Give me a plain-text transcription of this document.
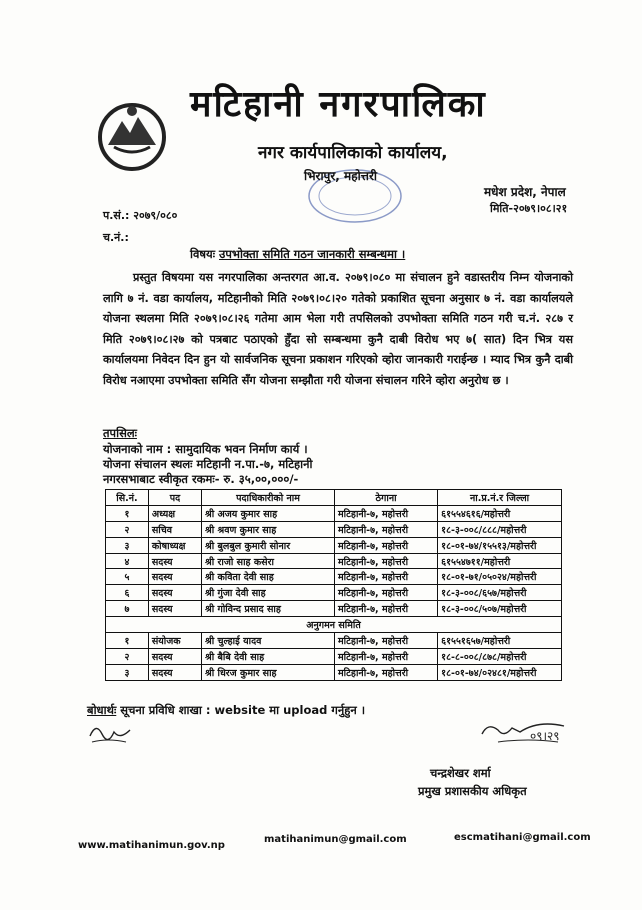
मटिहानी नगरपालिका
नगर कार्यपालिकाको कार्यालय,
भिरापुर, महोत्तरी
मधेश प्रदेश, नेपाल
मिति-२०७९।०८।२१
प.सं.: २०७९/०८०
च.नं.:
विषयः उपभोक्ता समिति गठन जानकारी सम्बन्धमा ।

प्रस्तुत विषयमा यस नगरपालिका अन्तरगत आ.व. २०७९।०८० मा संचालन हुने वडास्तरीय निम्न योजनाको लागि ७ नं. वडा कार्यालय, मटिहानीको मिति २०७९।०८।२० गतेको प्रकाशित सूचना अनुसार ७ नं. वडा कार्यालयले योजना स्थलमा मिति २०७९।०८।२६ गतेमा आम भेला गरी तपसिलको उपभोक्ता समिति गठन गरी च.नं. २८७ र मिति २०७९।०८।२७ को पत्रबाट पठाएको हुँदा सो सम्बन्धमा कुनै दाबी विरोध भए ७( सात) दिन भित्र यस कार्यालयमा निवेदन दिन हुन यो सार्वजनिक सूचना प्रकाशन गरिएको व्होरा जानकारी गराईन्छ । म्याद भित्र कुनै दाबी विरोध नआएमा उपभोक्ता समिति सँग योजना सम्झौता गरी योजना संचालन गरिने व्होरा अनुरोध छ ।

तपसिलः
योजनाको नाम : सामुदायिक भवन निर्माण कार्य ।
योजना संचालन स्थलः मटिहानी न.पा.-७, मटिहानी
नगरसभाबाट स्वीकृत रकमः- रु. ३५,००,०००/-
सि.नं.	पद	पदाधिकारीको नाम	ठेगाना	ना.प्र.नं.र जिल्ला
१	अध्यक्ष	श्री अजय कुमार साह	मटिहानी-७, महोत्तरी	६१५५४६१६/महोत्तरी
२	सचिव	श्री श्रवण कुमार साह	मटिहानी-७, महोत्तरी	१८-३-००८/८८८/महोत्तरी
३	कोषाध्यक्ष	श्री बुलबुल कुमारी सोनार	मटिहानी-७, महोत्तरी	१८-०१-७४/१५५१३/महोत्तरी
४	सदस्य	श्री राजो साह कसेरा	मटिहानी-७, महोत्तरी	६१५५४७११/महोत्तरी
५	सदस्य	श्री कविता देवी साह	मटिहानी-७, महोत्तरी	१८-०१-७१/०५०२४/महोत्तरी
६	सदस्य	श्री गुंजा देवी साह	मटिहानी-७, महोत्तरी	१८-३-००८/६५७/महोत्तरी
७	सदस्य	श्री गोविन्द प्रसाद साह	मटिहानी-७, महोत्तरी	१८-३-००८/५०७/महोत्तरी
अनुगमन समिति				
१	संयोजक	श्री चुल्हाई यादव	मटिहानी-७, महोत्तरी	६१५५१६५७/महोत्तरी
२	सदस्य	श्री बैबि देवी साह	मटिहानी-७, महोत्तरी	१८-८-००८/८७८/महोत्तरी
३	सदस्य	श्री धिरज कुमार साह	मटिहानी-७, महोत्तरी	१८-०१-७४/०२४८१/महोत्तरी
बोधार्थः सूचना प्रविधि शाखा : website मा upload गर्नुहुन ।
०९।२९
चन्द्रशेखर शर्मा
प्रमुख प्रशासकीय अधिकृत
www.matihanimun.gov.np
matihanimun@gmail.com	escmatihani@gmail.com
